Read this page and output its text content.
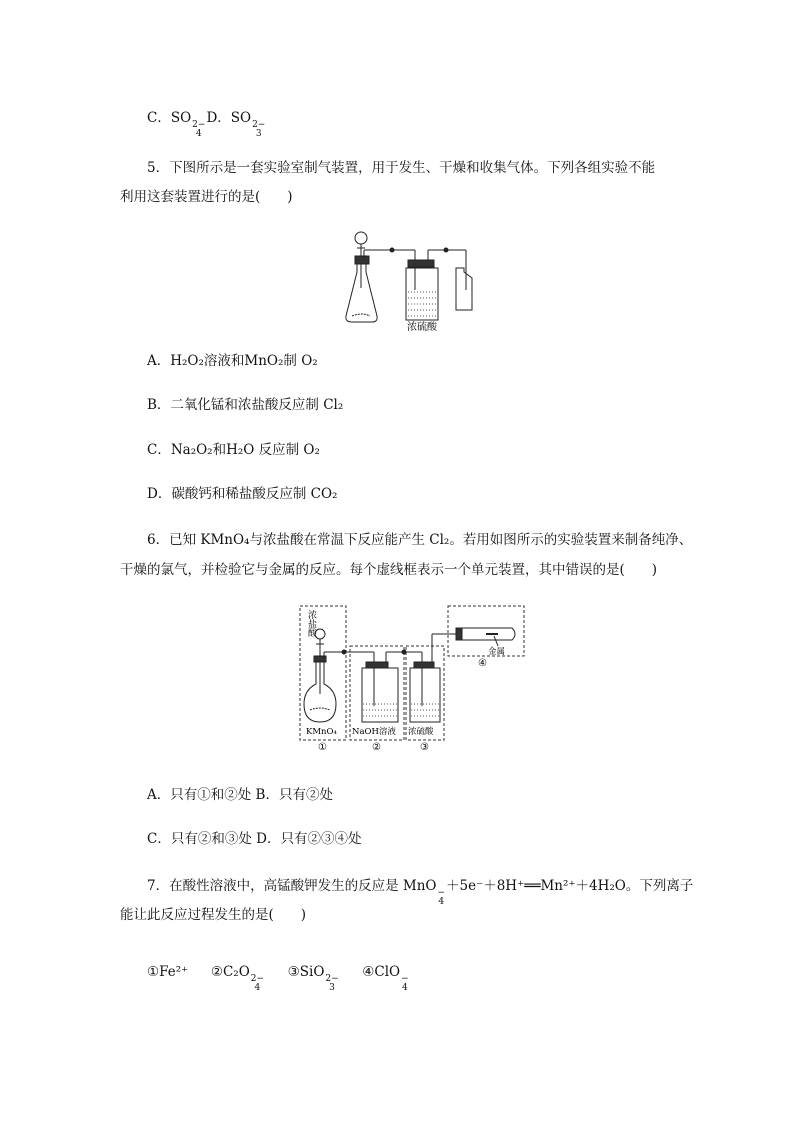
C．SO 2−
4
D．SO 2−
3
5．下图所示是一套实验室制气装置，用于发生、干燥和收集气体。下列各组实验不能
利用这套装置进行的是(　　)
浓硫酸
A．H₂O₂溶液和MnO₂制 O₂
B．二氧化锰和浓盐酸反应制 Cl₂
C．Na₂O₂和H₂O 反应制 O₂
D．碳酸钙和稀盐酸反应制 CO₂
6．已知 KMnO₄与浓盐酸在常温下反应能产生 Cl₂。若用如图所示的实验装置来制备纯净、
干燥的氯气，并检验它与金属的反应。每个虚线框表示一个单元装置，其中错误的是(　　)
浓
盐
酸
KMnO₄ NaOH溶液 浓硫酸
金属
①	②	③
④
A．只有①和②处 B．只有②处
C．只有②和③处 D．只有②③④处
7．在酸性溶液中，高锰酸钾发生的反应是 MnO −
4
＋5e⁻＋8H⁺══Mn²⁺＋4H₂O。下列离子
能让此反应过程发生的是(　　)
①Fe²⁺ ②C₂O 2−
4
③SiO 2−
3
④ClO −
4
